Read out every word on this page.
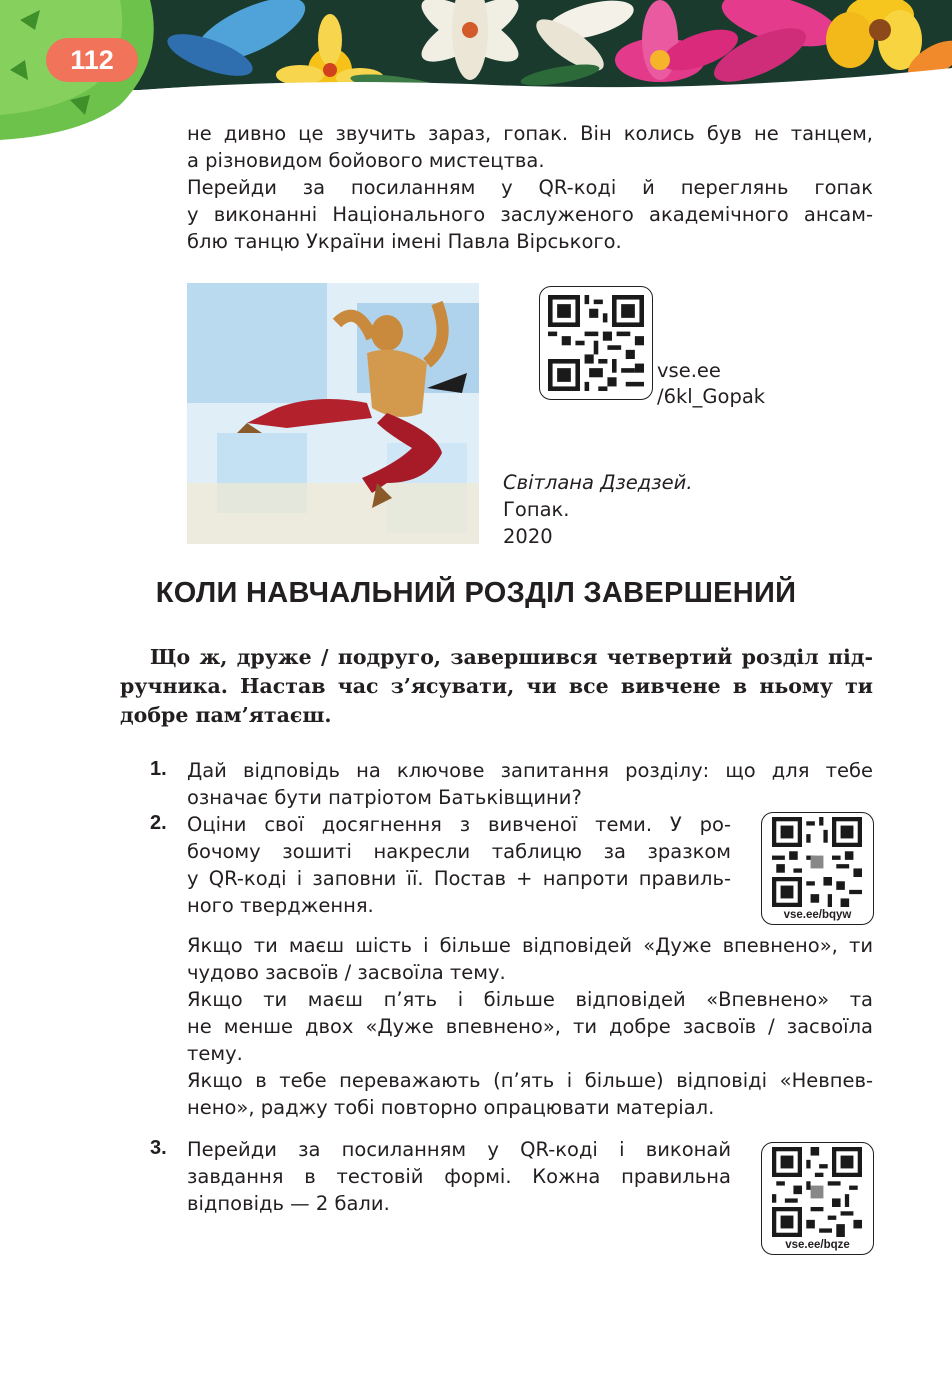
112
не дивно це звучить зараз, гопак. Він колись був не танцем,
а різновидом бойового мистецтва.
Перейди за посиланням у QR-коді й переглянь гопак
у виконанні Національного заслуженого академічного ансам-
блю танцю України імені Павла Вірського.
vse.ee
/6kl_Gopak
Світлана Дзедзей.
Гопак.
2020
КОЛИ НАВЧАЛЬНИЙ РОЗДІЛ ЗАВЕРШЕНИЙ
Що ж, друже / подруго, завершився четвертий розділ під-
ручника. Настав час з’ясувати, чи все вивчене в ньому ти
добре пам’ятаєш.
1. Дай відповідь на ключове запитання розділу: що для тебе
означає бути патріотом Батьківщини?
2. Оціни свої досягнення з вивченої теми. У ро-
бочому зошиті накресли таблицю за зразком
у QR-коді і заповни її. Постав + напроти правиль-
ного твердження.	vse.ee/bqyw
Якщо ти маєш шість і більше відповідей «Дуже впевнено», ти
чудово засвоїв / засвоїла тему.
Якщо ти маєш п’ять і більше відповідей «Впевнено» та
не менше двох «Дуже впевнено», ти добре засвоїв / засвоїла
тему.
Якщо в тебе переважають (п’ять і більше) відповіді «Невпев-
нено», раджу тобі повторно опрацювати матеріал.
3. Перейди за посиланням у QR-коді і виконай
завдання в тестовій формі. Кожна правильна
відповідь — 2 бали.
vse.ee/bqze
